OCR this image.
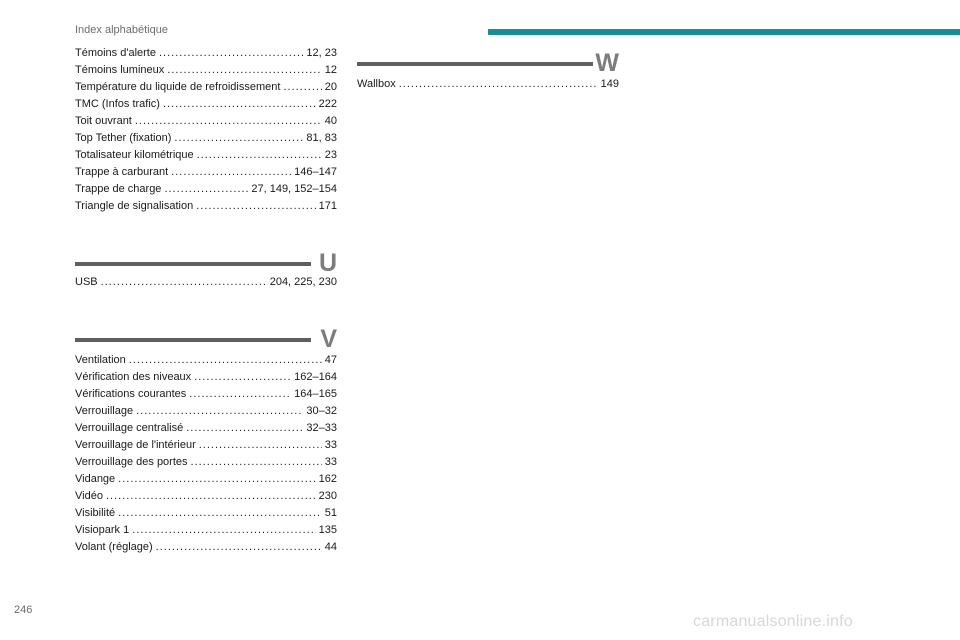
Index alphabétique
Témoins d'alerte .....	12, 23
Témoins lumineux .....	12
Température du liquide de refroidissement .....	20
TMC (Infos trafic) .....	222
Toit ouvrant .....	40
Top Tether (fixation) .....	81, 83
Totalisateur kilométrique .....	23
Trappe à carburant .....	146–147
Trappe de charge .....	27, 149, 152–154
Triangle de signalisation .....	171
U
USB .....	204, 225, 230
V
Ventilation .....	47
Vérification des niveaux .....	162–164
Vérifications courantes .....	164–165
Verrouillage .....	30–32
Verrouillage centralisé .....	32–33
Verrouillage de l'intérieur .....	33
Verrouillage des portes .....	33
Vidange .....	162
Vidéo .....	230
Visibilité .....	51
Visiopark 1 .....	135
Volant (réglage) .....	44
W
Wallbox .....	149
246
carmanualsonline.info
